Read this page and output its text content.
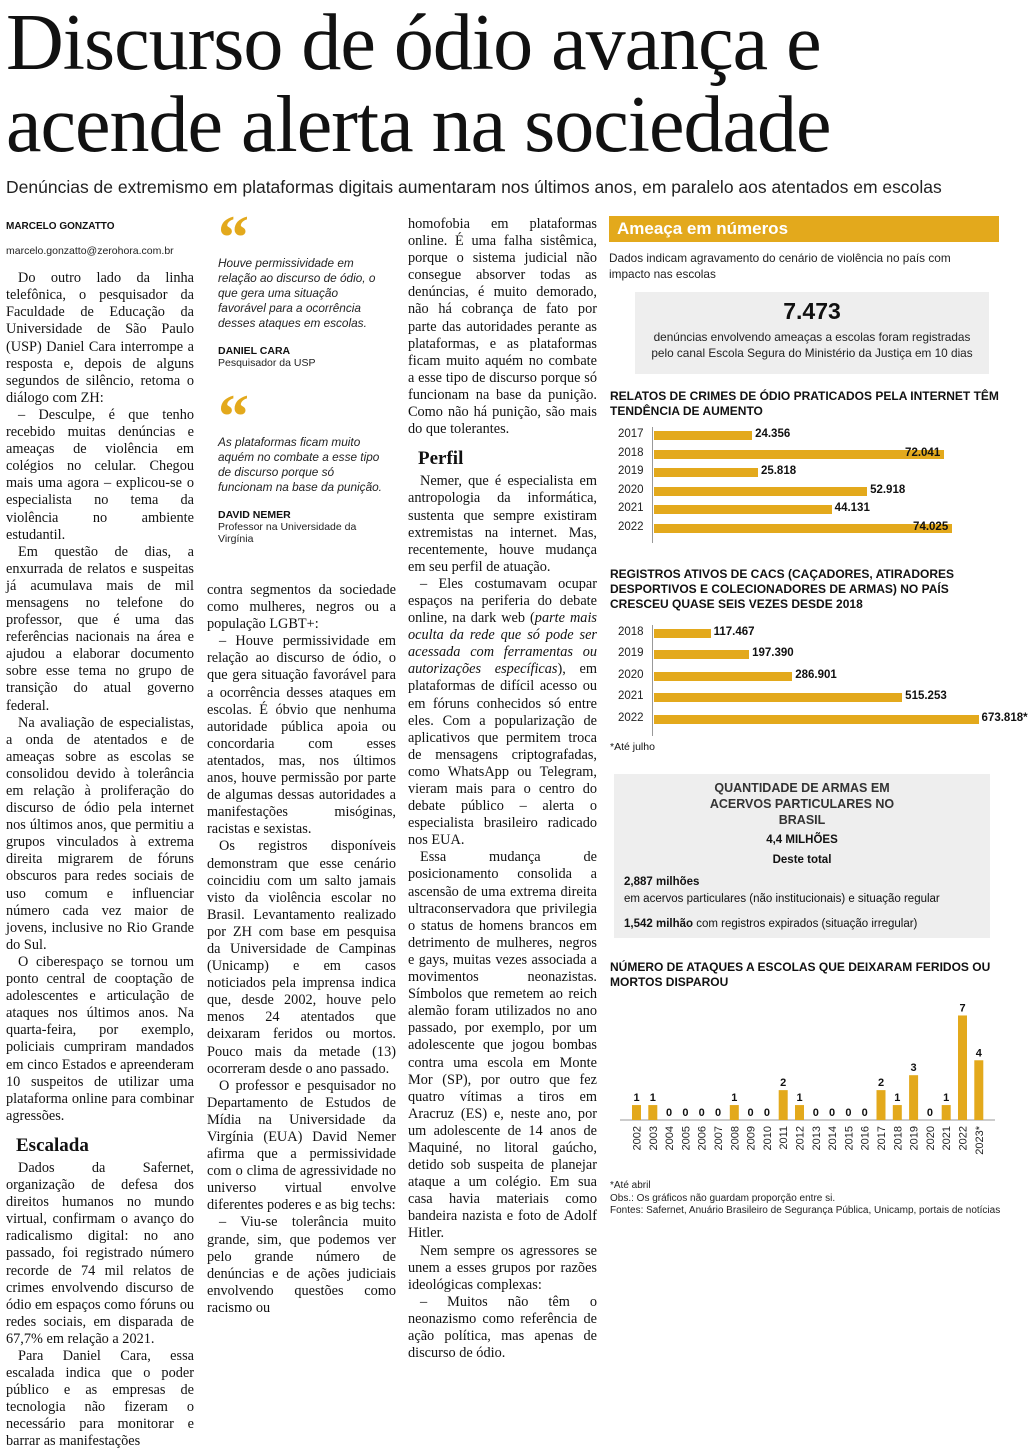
Discurso de ódio avança e acende alerta na sociedade
Denúncias de extremismo em plataformas digitais aumentaram nos últimos anos, em paralelo aos atentados em escolas
MARCELO GONZATTO
marcelo.gonzatto@zerohora.com.br

Do outro lado da linha telefônica, o pesquisador da Faculdade de Educação da Universidade de São Paulo (USP) Daniel Cara interrompe a resposta e, depois de alguns segundos de silêncio, retoma o diálogo com ZH:

– Desculpe, é que tenho recebido muitas denúncias e ameaças de violência em colégios no celular. Chegou mais uma agora – explicou-se o especialista no tema da violência no ambiente estudantil.

Em questão de dias, a enxurrada de relatos e suspeitas já acumulava mais de mil mensagens no telefone do professor, que é uma das referências nacionais na área e ajudou a elaborar documento sobre esse tema no grupo de transição do atual governo federal.

Na avaliação de especialistas, a onda de atentados e de ameaças sobre as escolas se consolidou devido à tolerância em relação à proliferação do discurso de ódio pela internet nos últimos anos, que permitiu a grupos vinculados à extrema direita migrarem de fóruns obscuros para redes sociais de uso comum e influenciar número cada vez maior de jovens, inclusive no Rio Grande do Sul.

O ciberespaço se tornou um ponto central de cooptação de adolescentes e articulação de ataques nos últimos anos. Na quarta-feira, por exemplo, policiais cumpriram mandados em cinco Estados e apreenderam 10 suspeitos de utilizar uma plataforma online para combinar agressões.

Escalada

Dados da Safernet, organização de defesa dos direitos humanos no mundo virtual, confirmam o avanço do radicalismo digital: no ano passado, foi registrado número recorde de 74 mil relatos de crimes envolvendo discurso de ódio em espaços como fóruns ou redes sociais, em disparada de 67,7% em relação a 2021.

Para Daniel Cara, essa escalada indica que o poder público e as empresas de tecnologia não fizeram o necessário para monitorar e barrar as manifestações

“
Houve permissividade em relação ao discurso de ódio, o que gera uma situação favorável para a ocorrência desses ataques em escolas.
DANIEL CARA
Pesquisador da USP
“
As plataformas ficam muito aquém no combate a esse tipo de discurso porque só funcionam na base da punição.
DAVID NEMER
Professor na Universidade da Virgínia

contra segmentos da sociedade como mulheres, negros ou a população LGBT+:

– Houve permissividade em relação ao discurso de ódio, o que gera situação favorável para a ocorrência desses ataques em escolas. É óbvio que nenhuma autoridade pública apoia ou concordaria com esses atentados, mas, nos últimos anos, houve permissão por parte de algumas dessas autoridades a manifestações misóginas, racistas e sexistas.

Os registros disponíveis demonstram que esse cenário coincidiu com um salto jamais visto da violência escolar no Brasil. Levantamento realizado por ZH com base em pesquisa da Universidade de Campinas (Unicamp) e em casos noticiados pela imprensa indica que, desde 2002, houve pelo menos 24 atentados que deixaram feridos ou mortos. Pouco mais da metade (13) ocorreram desde o ano passado.

O professor e pesquisador no Departamento de Estudos de Mídia na Universidade da Virgínia (EUA) David Nemer afirma que a permissividade com o clima de agressividade no universo virtual envolve diferentes poderes e as big techs:

– Viu-se tolerância muito grande, sim, que podemos ver pelo grande número de denúncias e de ações judiciais envolvendo questões como racismo ou

homofobia em plataformas online. É uma falha sistêmica, porque o sistema judicial não consegue absorver todas as denúncias, é muito demorado, não há cobrança de fato por parte das autoridades perante as plataformas, e as plataformas ficam muito aquém no combate a esse tipo de discurso porque só funcionam na base da punição. Como não há punição, são mais do que tolerantes.

Perfil

Nemer, que é especialista em antropologia da informática, sustenta que sempre existiram extremistas na internet. Mas, recentemente, houve mudança em seu perfil de atuação.

– Eles costumavam ocupar espaços na periferia do debate online, na dark web (parte mais oculta da rede que só pode ser acessada com ferramentas ou autorizações específicas), em plataformas de difícil acesso ou em fóruns conhecidos só entre eles. Com a popularização de aplicativos que permitem troca de mensagens criptografadas, como WhatsApp ou Telegram, vieram mais para o centro do debate público – alerta o especialista brasileiro radicado nos EUA.

Essa mudança de posicionamento consolida a ascensão de uma extrema direita ultraconservadora que privilegia o status de homens brancos em detrimento de mulheres, negros e gays, muitas vezes associada a movimentos neonazistas. Símbolos que remetem ao reich alemão foram utilizados no ano passado, por exemplo, por um adolescente que jogou bombas contra uma escola em Monte Mor (SP), por outro que fez quatro vítimas a tiros em Aracruz (ES) e, neste ano, por um adolescente de 14 anos de Maquiné, no litoral gaúcho, detido sob suspeita de planejar ataque a um colégio. Em sua casa havia materiais como bandeira nazista e foto de Adolf Hitler.

Nem sempre os agressores se unem a esses grupos por razões ideológicas complexas:

– Muitos não têm o neonazismo como referência de ação política, mas apenas de discurso de ódio.

Ameaça em números
Dados indicam agravamento do cenário de violência no país com impacto nas escolas
7.473
denúncias envolvendo ameaças a escolas foram registradas pelo canal Escola Segura do Ministério da Justiça em 10 dias
RELATOS DE CRIMES DE ÓDIO PRATICADOS PELA INTERNET TÊM TENDÊNCIA DE AUMENTO
2017	24.356
2018	72.041
2019	25.818
2020	52.918
2021	44.131
2022	74.025
REGISTROS ATIVOS DE CACS (CAÇADORES, ATIRADORES DESPORTIVOS E COLECIONADORES DE ARMAS) NO PAÍS CRESCEU QUASE SEIS VEZES DESDE 2018
2018	117.467
2019	197.390
2020	286.901
2021	515.253
2022	673.818*
*Até julho
QUANTIDADE DE ARMAS EM ACERVOS PARTICULARES NO BRASIL
4,4 MILHÕES
Deste total
2,887 milhões
em acervos particulares (não institucionais) e situação regular
1,542 milhão com registros expirados (situação irregular)
NÚMERO DE ATAQUES A ESCOLAS QUE DEIXARAM FERIDOS OU MORTOS DISPAROU
1
2002
1
2003
0
2004
0
2005
0
2006
0
2007
1
2008
0
2009
0
2010
2
2011
1
2012
0
2013
0
2014
0
2015
0
2016
2
2017
1
2018
3
2019
0
2020
1
2021
7
2022
4
2023*
*Até abril
Obs.: Os gráficos não guardam proporção entre si.
Fontes: Safernet, Anuário Brasileiro de Segurança Pública, Unicamp, portais de notícias
